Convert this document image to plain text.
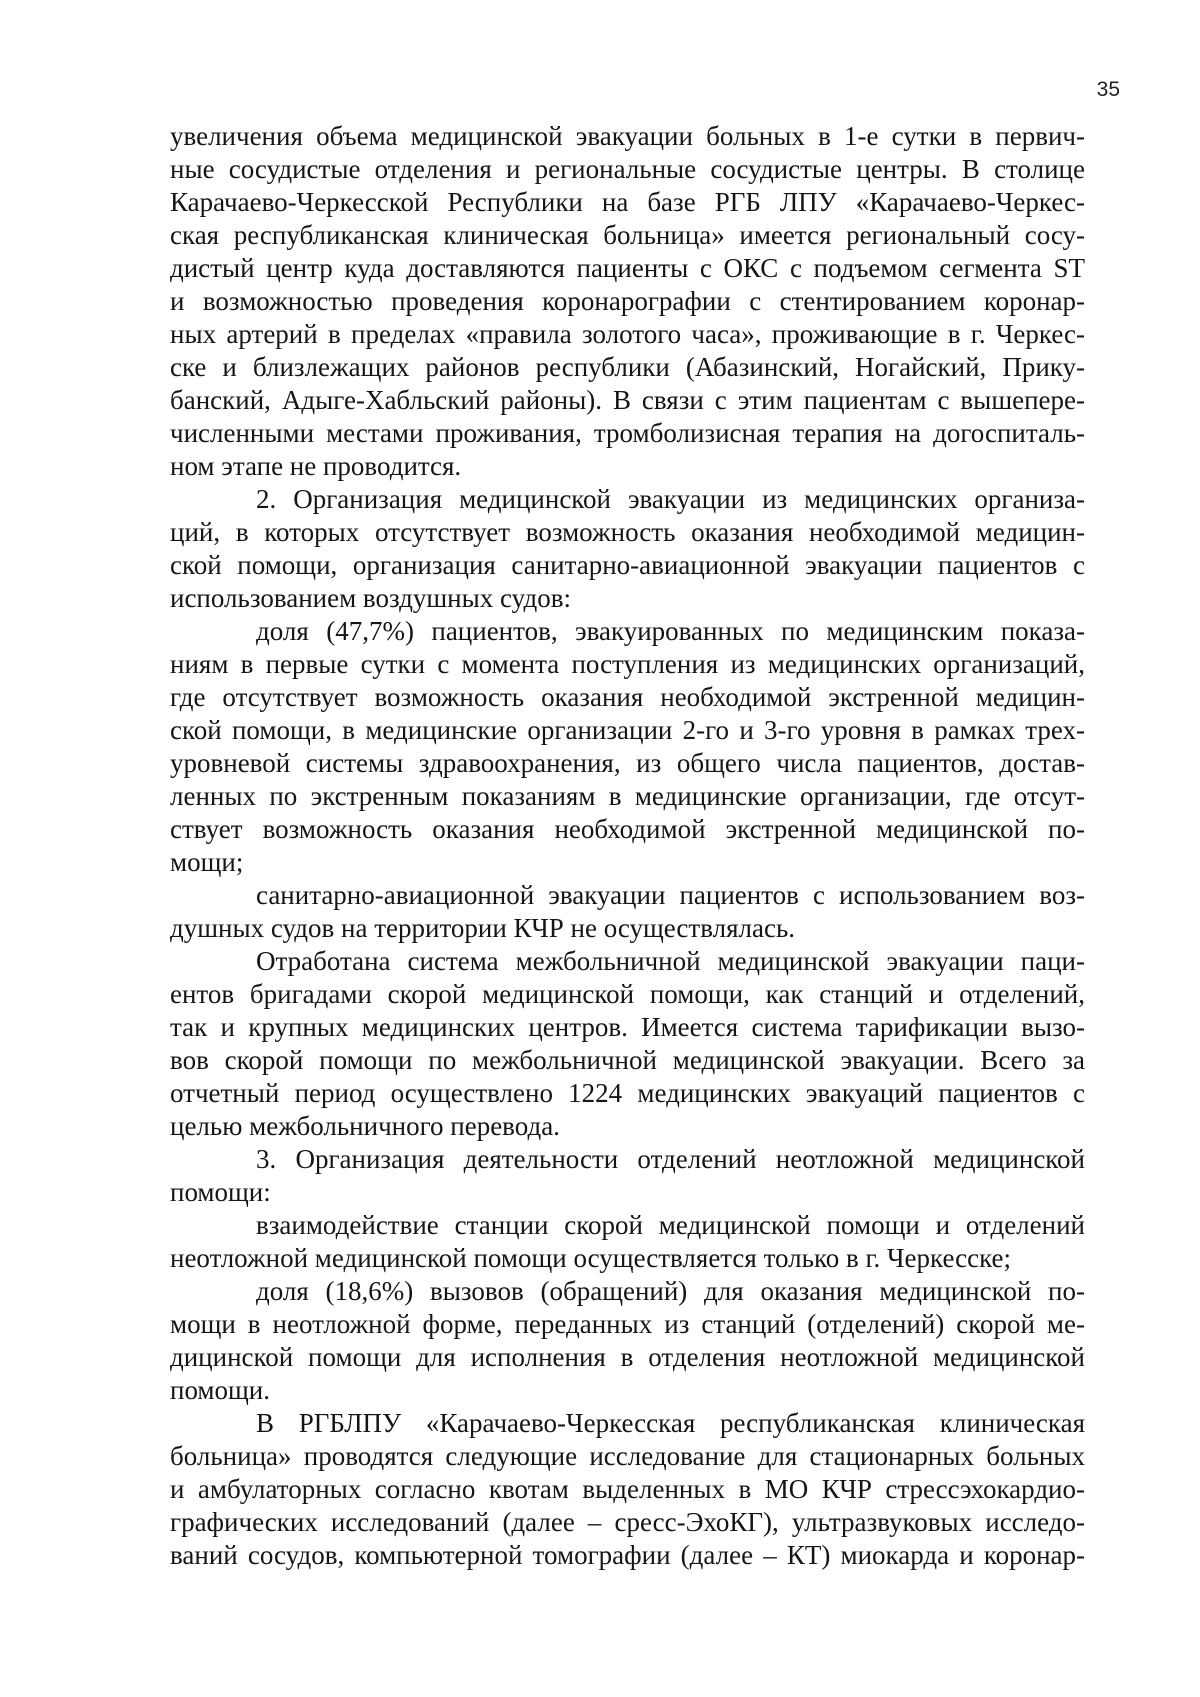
35
увеличения объема медицинской эвакуации больных в 1-е сутки в первич-
ные сосудистые отделения и региональные сосудистые центры. В столице
Карачаево-Черкесской Республики на базе РГБ ЛПУ «Карачаево-Черкес-
ская республиканская клиническая больница» имеется региональный сосу-
дистый центр куда доставляются пациенты с ОКС с подъемом сегмента ST
и возможностью проведения коронарографии с стентированием коронар-
ных артерий в пределах «правила золотого часа», проживающие в г. Черкес-
ске и близлежащих районов республики (Абазинский, Ногайский, Прику-
банский, Адыге-Хабльский районы). В связи с этим пациентам с вышепере-
численными местами проживания, тромболизисная терапия на догоспиталь-
ном этапе не проводится.
2. Организация медицинской эвакуации из медицинских организа-
ций, в которых отсутствует возможность оказания необходимой медицин-
ской помощи, организация санитарно-авиационной эвакуации пациентов с
использованием воздушных судов:
доля (47,7%) пациентов, эвакуированных по медицинским показа-
ниям в первые сутки с момента поступления из медицинских организаций,
где отсутствует возможность оказания необходимой экстренной медицин-
ской помощи, в медицинские организации 2-го и 3-го уровня в рамках трех-
уровневой системы здравоохранения, из общего числа пациентов, достав-
ленных по экстренным показаниям в медицинские организации, где отсут-
ствует возможность оказания необходимой экстренной медицинской по-
мощи;
санитарно-авиационной эвакуации пациентов с использованием воз-
душных судов на территории КЧР не осуществлялась.
Отработана система межбольничной медицинской эвакуации паци-
ентов бригадами скорой медицинской помощи, как станций и отделений,
так и крупных медицинских центров. Имеется система тарификации вызо-
вов скорой помощи по межбольничной медицинской эвакуации. Всего за
отчетный период осуществлено 1224 медицинских эвакуаций пациентов с
целью межбольничного перевода.
3. Организация деятельности отделений неотложной медицинской
помощи:
взаимодействие станции скорой медицинской помощи и отделений
неотложной медицинской помощи осуществляется только в г. Черкесске;
доля (18,6%) вызовов (обращений) для оказания медицинской по-
мощи в неотложной форме, переданных из станций (отделений) скорой ме-
дицинской помощи для исполнения в отделения неотложной медицинской
помощи.
В РГБЛПУ «Карачаево-Черкесская республиканская клиническая
больница» проводятся следующие исследование для стационарных больных
и амбулаторных согласно квотам выделенных в МО КЧР стрессэхокардио-
графических исследований (далее – сресс-ЭхоКГ), ультразвуковых исследо-
ваний сосудов, компьютерной томографии (далее – КТ) миокарда и коронар-
